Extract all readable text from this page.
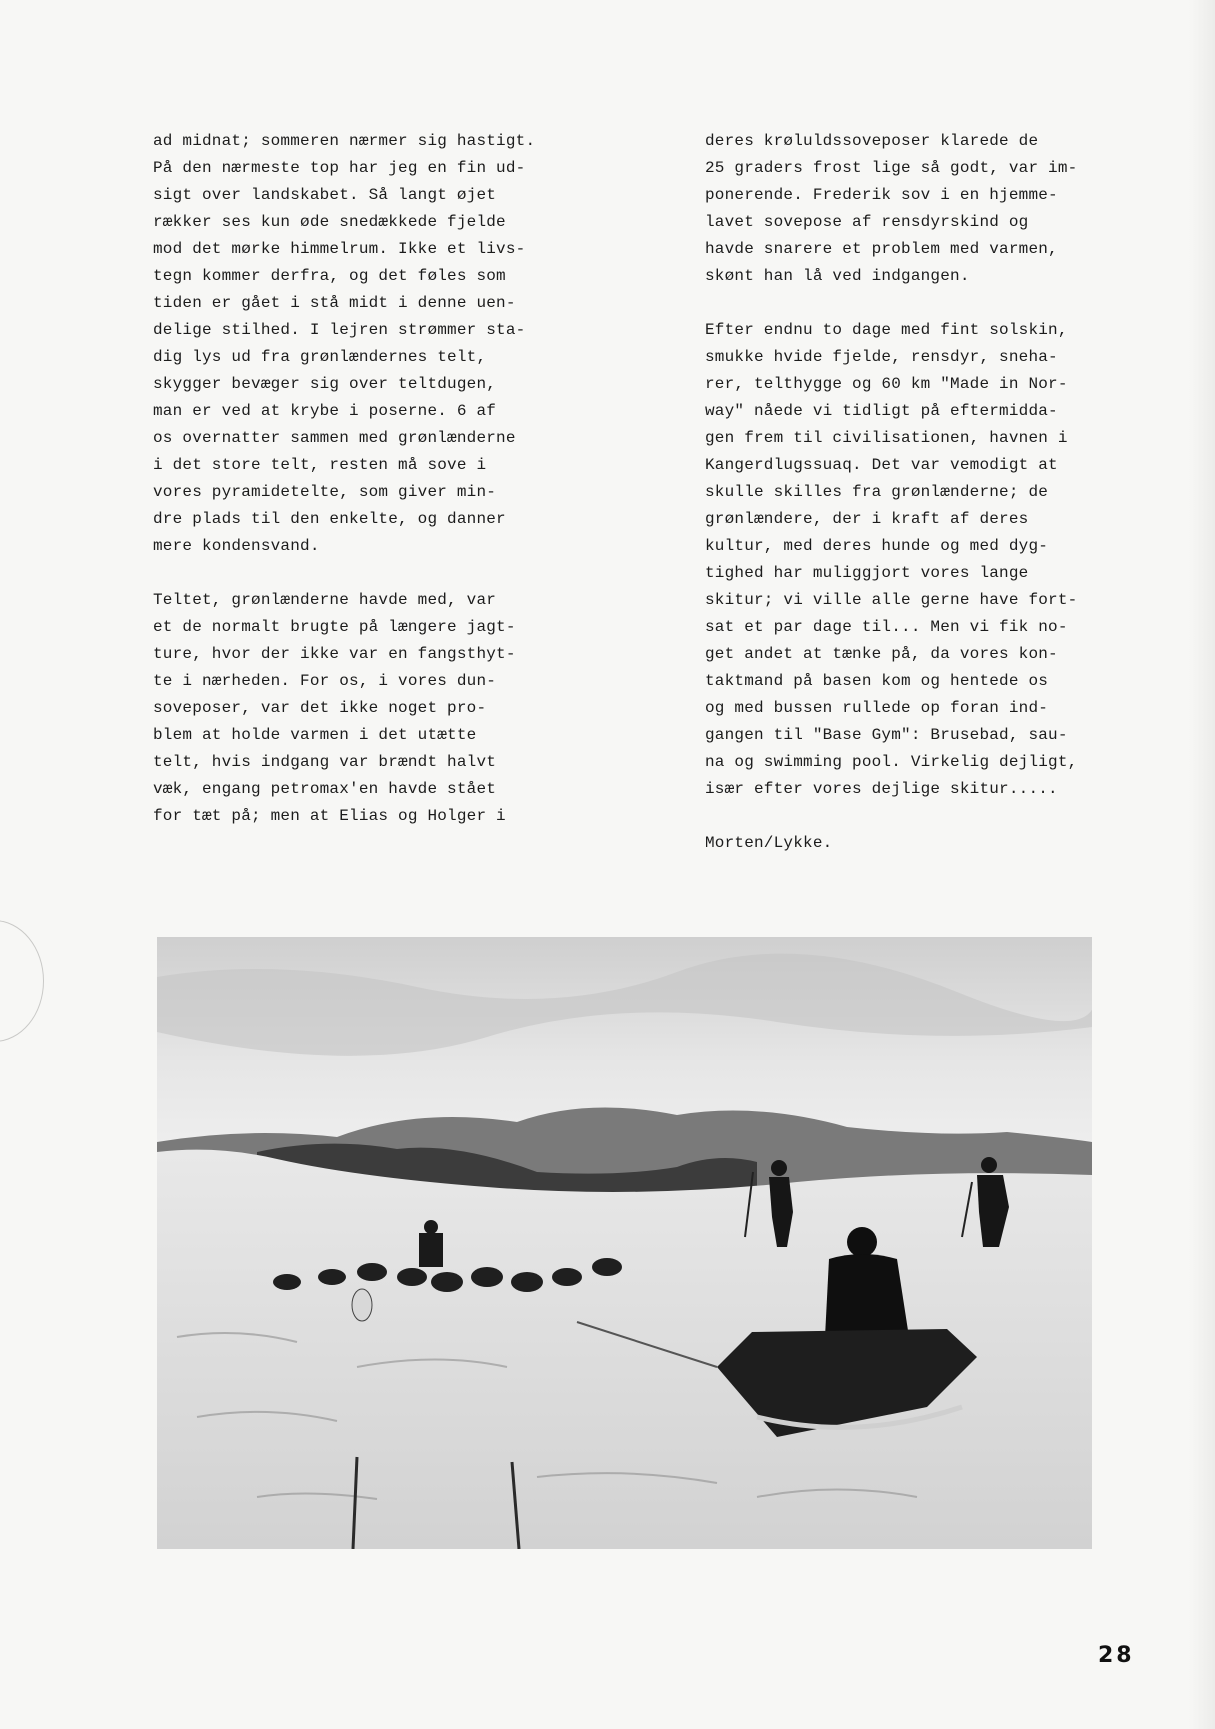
ad midnat; sommeren nærmer sig hastigt.
På den nærmeste top har jeg en fin ud-
sigt over landskabet. Så langt øjet
rækker ses kun øde snedækkede fjelde
mod det mørke himmelrum. Ikke et livs-
tegn kommer derfra, og det føles som
tiden er gået i stå midt i denne uen-
delige stilhed. I lejren strømmer sta-
dig lys ud fra grønlændernes telt,
skygger bevæger sig over teltdugen,
man er ved at krybe i poserne. 6 af
os overnatter sammen med grønlænderne
i det store telt, resten må sove i
vores pyramidetelte, som giver min-
dre plads til den enkelte, og danner
mere kondensvand.

Teltet, grønlænderne havde med, var
et de normalt brugte på længere jagt-
ture, hvor der ikke var en fangsthyt-
te i nærheden. For os, i vores dun-
soveposer, var det ikke noget pro-
blem at holde varmen i det utætte
telt, hvis indgang var brændt halvt
væk, engang petromax'en havde stået
for tæt på; men at Elias og Holger i

deres krøluldssoveposer klarede de
25 graders frost lige så godt, var im-
ponerende. Frederik sov i en hjemme-
lavet sovepose af rensdyrskind og
havde snarere et problem med varmen,
skønt han lå ved indgangen.

Efter endnu to dage med fint solskin,
smukke hvide fjelde, rensdyr, sneha-
rer, telthygge og 60 km "Made in Nor-
way" nåede vi tidligt på eftermidda-
gen frem til civilisationen, havnen i
Kangerdlugssuaq. Det var vemodigt at
skulle skilles fra grønlænderne; de
grønlændere, der i kraft af deres
kultur, med deres hunde og med dyg-
tighed har muliggjort vores lange
skitur; vi ville alle gerne have fort-
sat et par dage til... Men vi fik no-
get andet at tænke på, da vores kon-
taktmand på basen kom og hentede os
og med bussen rullede op foran ind-
gangen til "Base Gym": Brusebad, sau-
na og swimming pool. Virkelig dejligt,
især efter vores dejlige skitur.....

Morten/Lykke.

28
